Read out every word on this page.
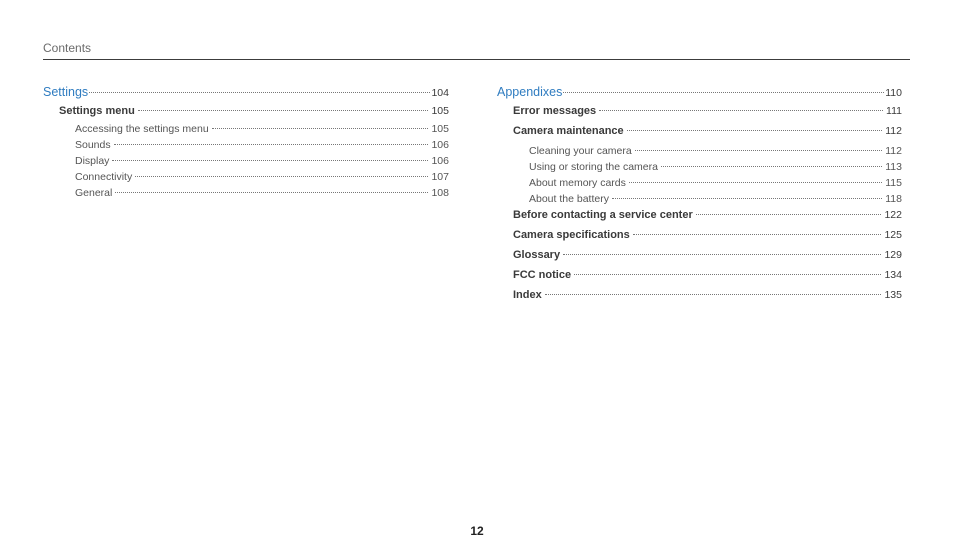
Contents
Settings	104
Settings menu	105
Accessing the settings menu	105
Sounds	106
Display	106
Connectivity	107
General	108
Appendixes	110
Error messages	111
Camera maintenance	112
Cleaning your camera	112
Using or storing the camera	113
About memory cards	115
About the battery	118
Before contacting a service center	122
Camera specifications	125
Glossary	129
FCC notice	134
Index	135
12
